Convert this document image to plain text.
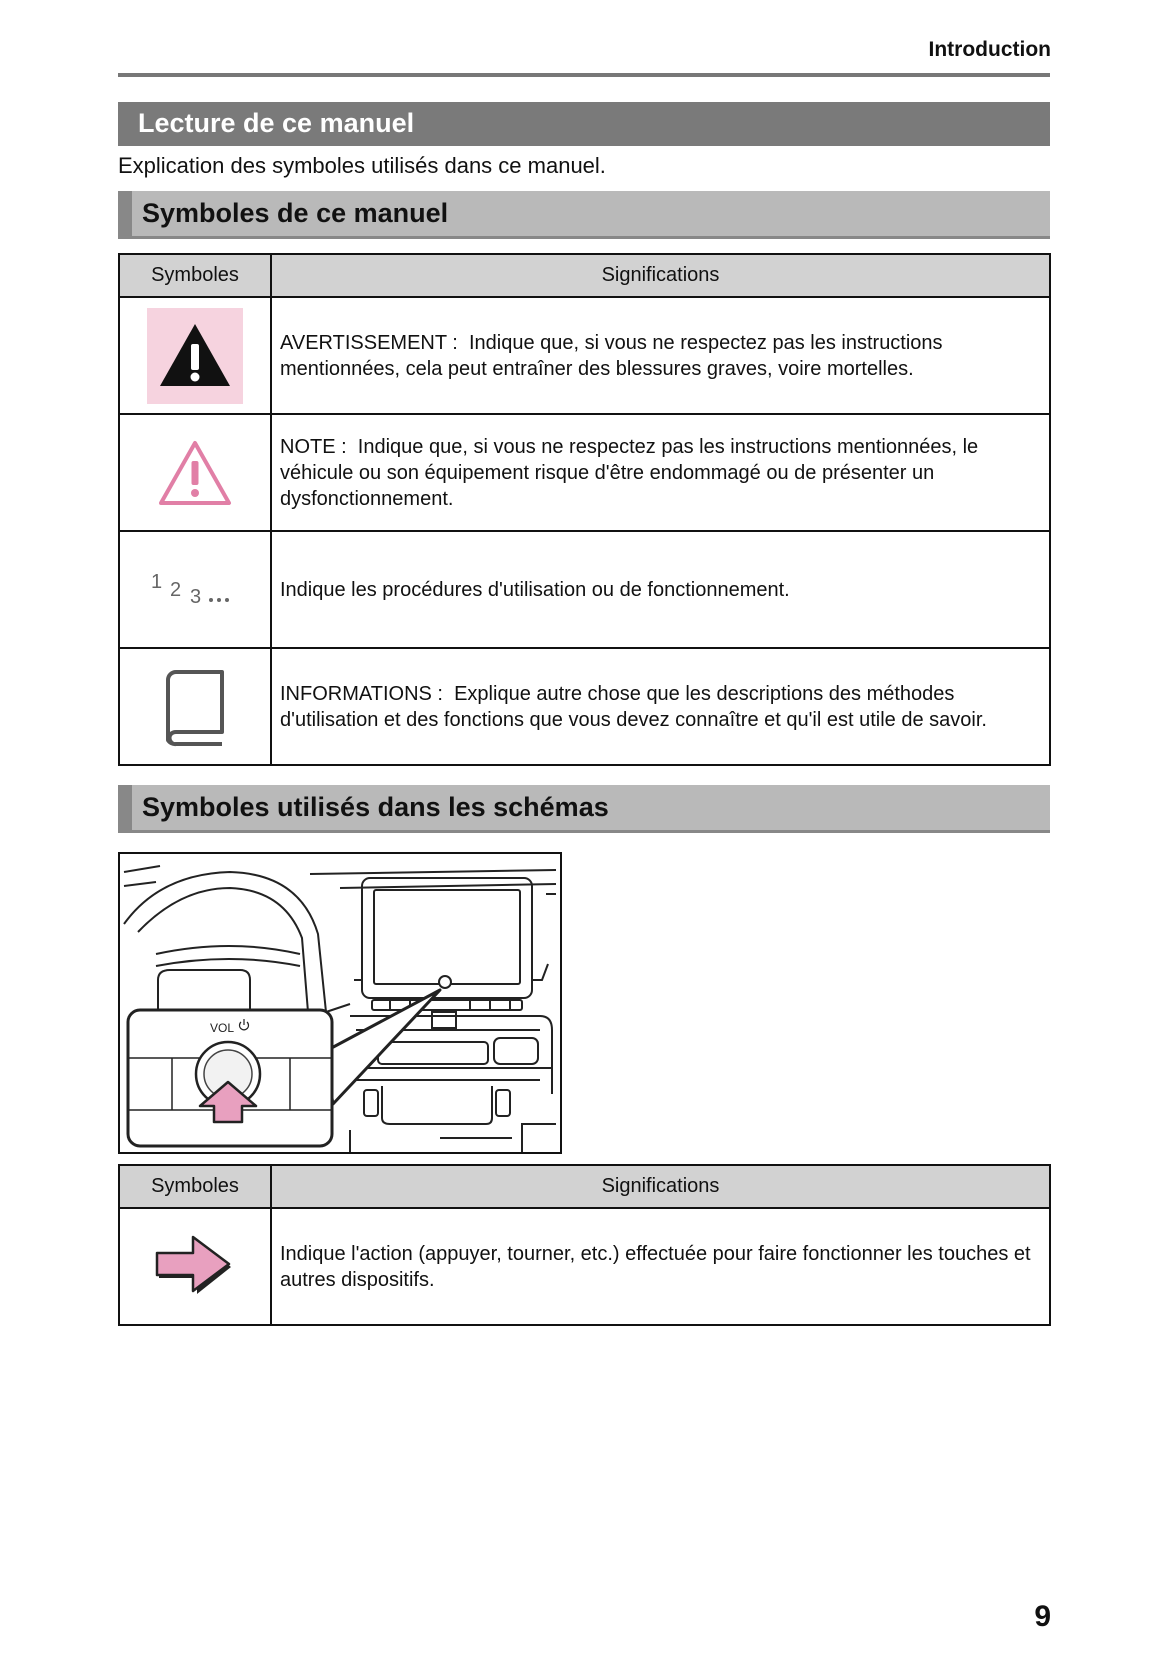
Introduction
Lecture de ce manuel
Explication des symboles utilisés dans ce manuel.
Symboles de ce manuel
Symboles	Significations
	AVERTISSEMENT : Indique que, si vous ne respectez pas les instructions mentionnées, cela peut entraîner des blessures graves, voire mortelles.
	NOTE : Indique que, si vous ne respectez pas les instructions mentionnées, le véhicule ou son équipement risque d'être endommagé ou de présenter un dysfonctionnement.

1 2 3	Indique les procédures d'utilisation ou de fonctionnement.
	INFORMATIONS : Explique autre chose que les descriptions des méthodes d'utilisation et des fonctions que vous devez connaître et qu'il est utile de savoir.
Symboles utilisés dans les schémas
VOL
Symboles	Significations
	Indique l'action (appuyer, tourner, etc.) effectuée pour faire fonctionner les touches et autres dispositifs.
9
